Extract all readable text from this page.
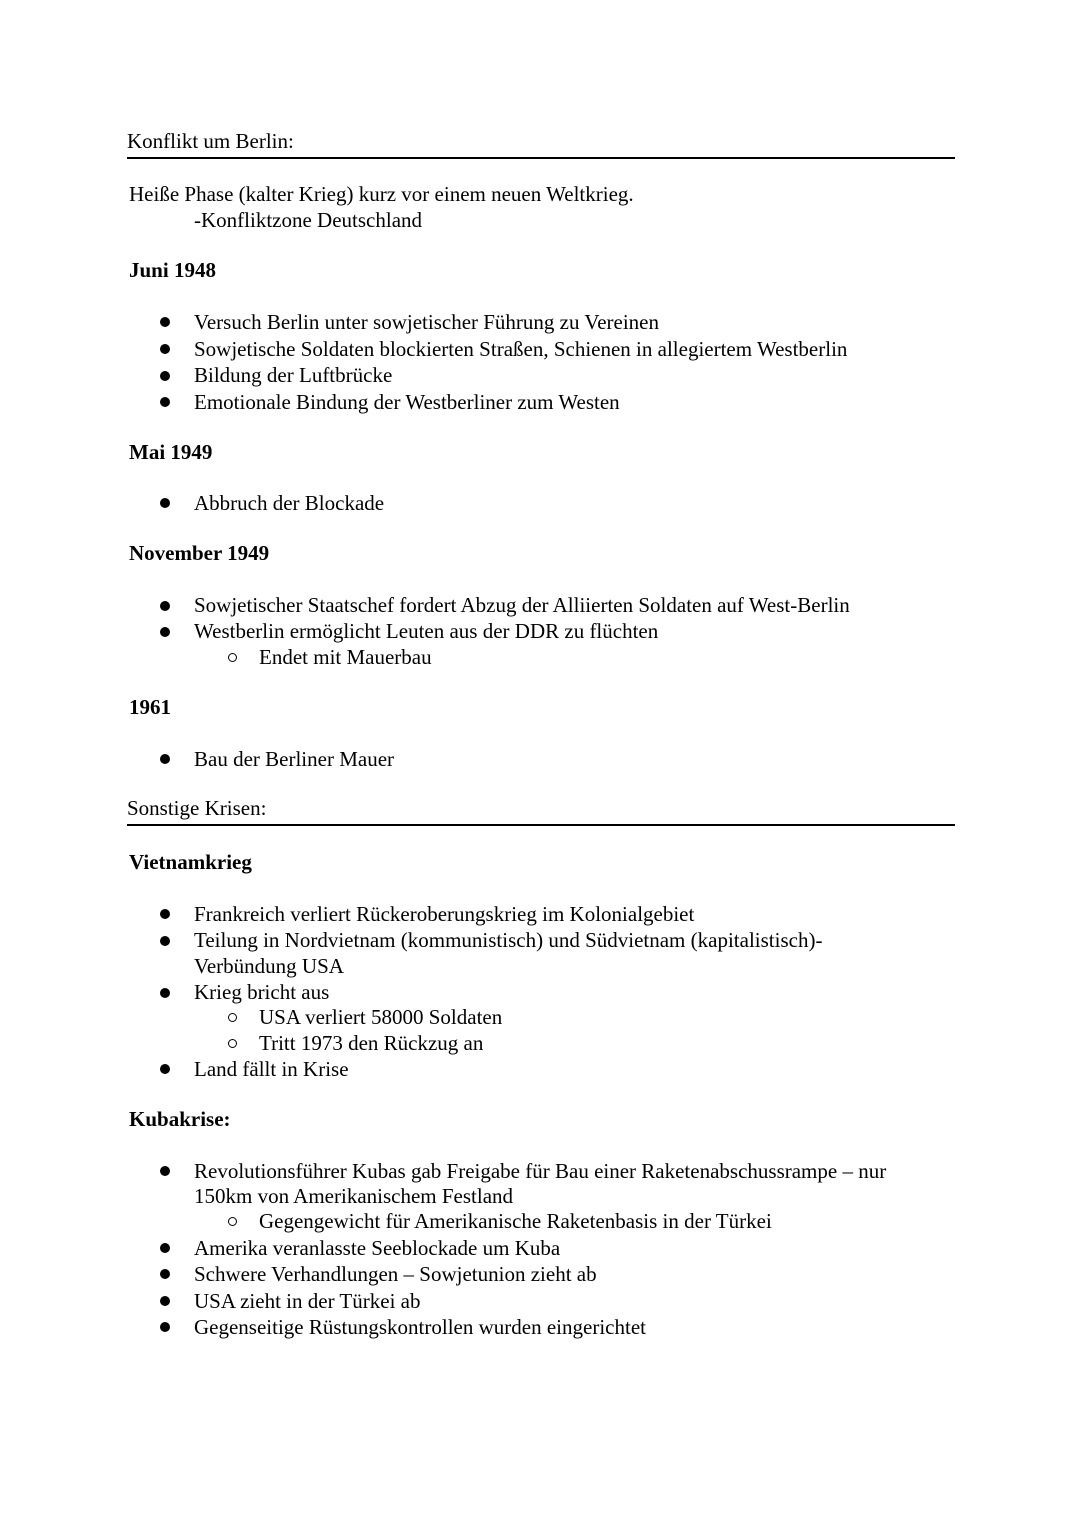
Konflikt um Berlin:
Heiße Phase (kalter Krieg) kurz vor einem neuen Weltkrieg.
-Konfliktzone Deutschland
Juni 1948
Versuch Berlin unter sowjetischer Führung zu Vereinen
Sowjetische Soldaten blockierten Straßen, Schienen in allegiertem Westberlin
Bildung der Luftbrücke
Emotionale Bindung der Westberliner zum Westen
Mai 1949
Abbruch der Blockade
November 1949
Sowjetischer Staatschef fordert Abzug der Alliierten Soldaten auf West-Berlin
Westberlin ermöglicht Leuten aus der DDR zu flüchten
Endet mit Mauerbau
1961
Bau der Berliner Mauer
Sonstige Krisen:
Vietnamkrieg
Frankreich verliert Rückeroberungskrieg im Kolonialgebiet
Teilung in Nordvietnam (kommunistisch) und Südvietnam (kapitalistisch)-
Verbündung USA
Krieg bricht aus
USA verliert 58000 Soldaten
Tritt 1973 den Rückzug an
Land fällt in Krise
Kubakrise:
Revolutionsführer Kubas gab Freigabe für Bau einer Raketenabschussrampe – nur
150km von Amerikanischem Festland
Gegengewicht für Amerikanische Raketenbasis in der Türkei
Amerika veranlasste Seeblockade um Kuba
Schwere Verhandlungen – Sowjetunion zieht ab
USA zieht in der Türkei ab
Gegenseitige Rüstungskontrollen wurden eingerichtet
